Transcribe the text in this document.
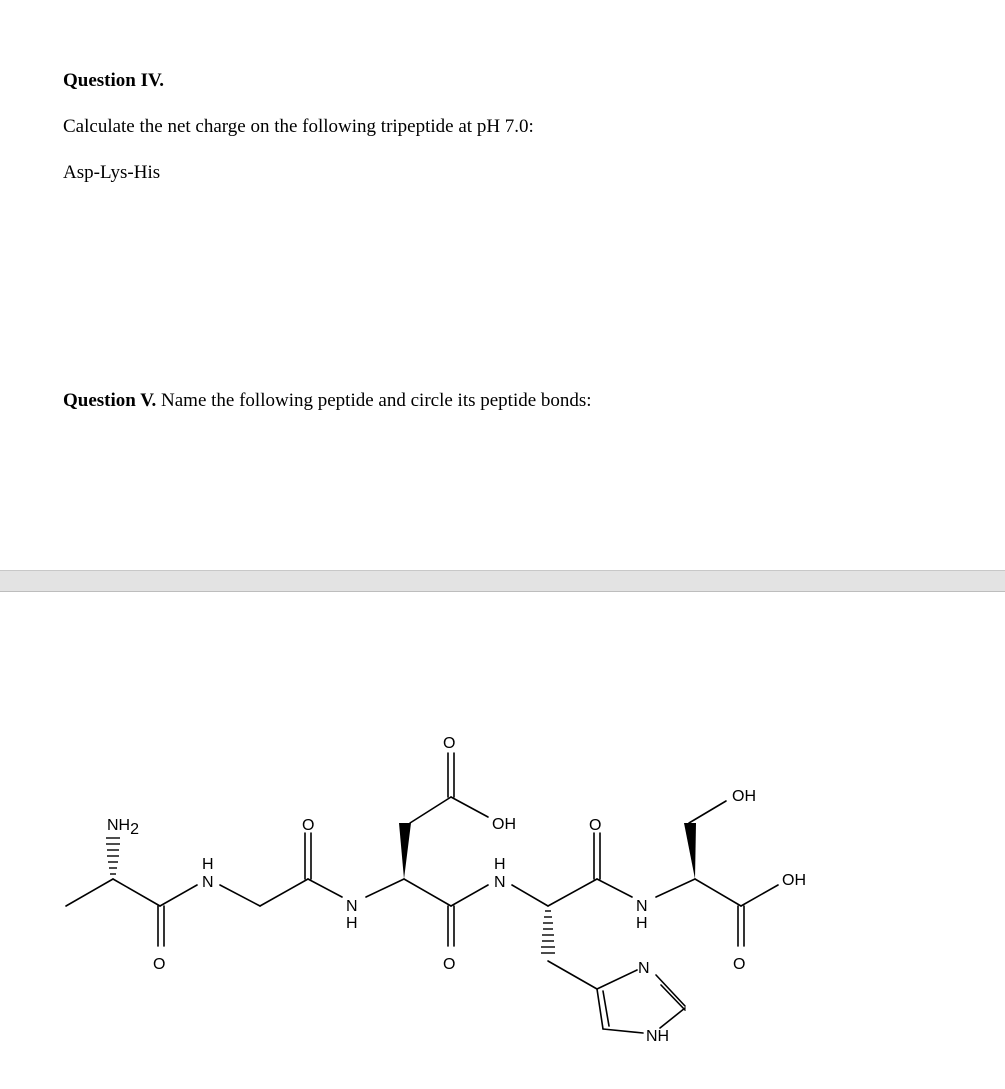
Question IV.
Calculate the net charge on the following tripeptide at pH 7.0:
Asp-Lys-His
Question V. Name the following peptide and circle its peptide bonds:
NH2
H
N
O
O
N
H
O
OH
O
H
N
O
N
H
N
NH
OH
O
OH
